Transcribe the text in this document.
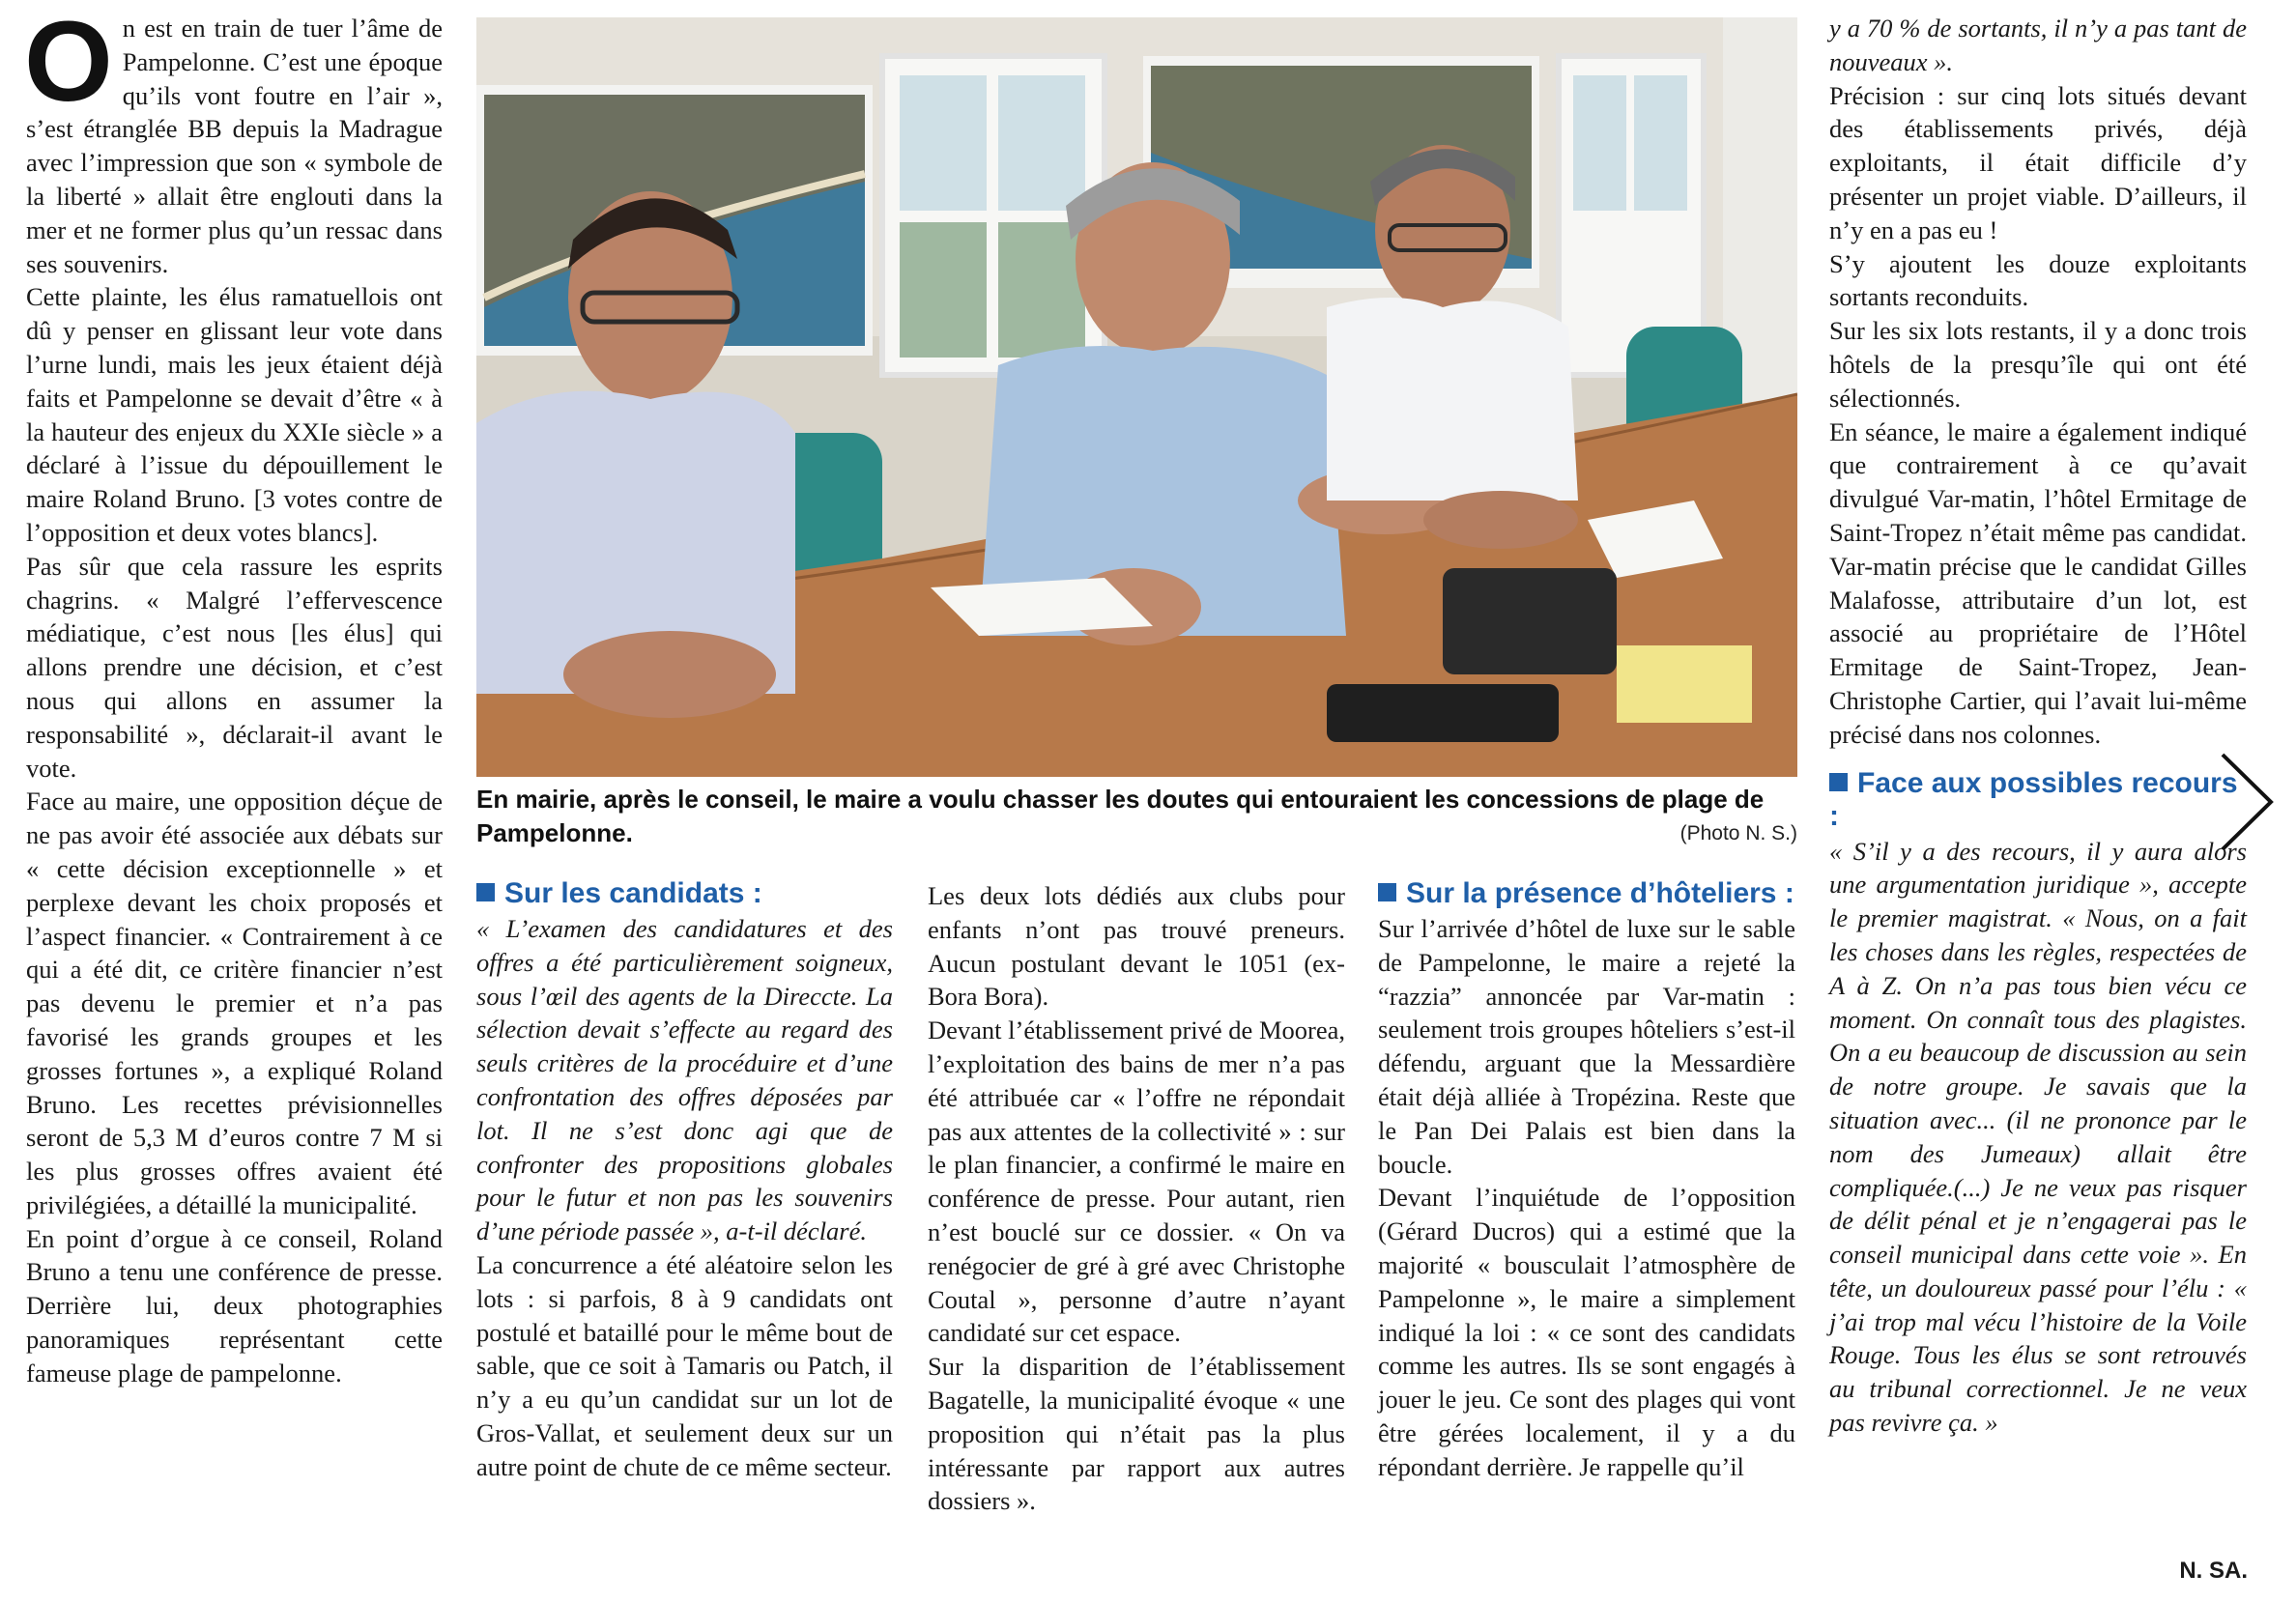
On est en train de tuer l’âme de Pampelonne. C’est une époque qu’ils vont foutre en l’air », s’est étranglée BB depuis la Madrague avec l’impression que son « symbole de la liberté » allait être englouti dans la mer et ne former plus qu’un ressac dans ses souvenirs.

Cette plainte, les élus ramatuellois ont dû y penser en glissant leur vote dans l’urne lundi, mais les jeux étaient déjà faits et Pampelonne se devait d’être « à la hauteur des enjeux du XXIe siècle » a déclaré à l’issue du dépouillement le maire Roland Bruno. [3 votes contre de l’opposition et deux votes blancs].

Pas sûr que cela rassure les esprits chagrins. « Malgré l’effervescence médiatique, c’est nous [les élus] qui allons prendre une décision, et c’est nous qui allons en assumer la responsabilité », déclarait-il avant le vote.

Face au maire, une opposition déçue de ne pas avoir été associée aux débats sur « cette décision exceptionnelle » et perplexe devant les choix proposés et l’aspect financier. « Contrairement à ce qui a été dit, ce critère financier n’est pas devenu le premier et n’a pas favorisé les grands groupes et les grosses fortunes », a expliqué Roland Bruno. Les recettes prévisionnelles seront de 5,3 M d’euros contre 7 M si les plus grosses offres avaient été privilégiées, a détaillé la municipalité.

En point d’orgue à ce conseil, Roland Bruno a tenu une conférence de presse. Derrière lui, deux photographies panoramiques représentant cette fameuse plage de pampelonne.

En mairie, après le conseil, le maire a voulu chasser les doutes qui entouraient les concessions de plage de Pampelonne.	(Photo N. S.)
Sur les candidats :

« L’examen des candidatures et des offres a été particulièrement soigneux, sous l’œil des agents de la Direccte. La sélection devait s’effecte au regard des seuls critères de la procéduire et d’une confrontation des offres déposées par lot. Il ne s’est donc agi que de confronter des propositions globales pour le futur et non pas les souvenirs d’une période passée », a-t-il déclaré.

La concurrence a été aléatoire selon les lots : si parfois, 8 à 9 candidats ont postulé et bataillé pour le même bout de sable, que ce soit à Tamaris ou Patch, il n’y a eu qu’un candidat sur un lot de Gros-Vallat, et seulement deux sur un autre point de chute de ce même secteur.

Les deux lots dédiés aux clubs pour enfants n’ont pas trouvé preneurs. Aucun postulant devant le 1051 (ex-Bora Bora).

Devant l’établissement privé de Moorea, l’exploitation des bains de mer n’a pas été attribuée car « l’offre ne répondait pas aux attentes de la collectivité » : sur le plan financier, a confirmé le maire en conférence de presse. Pour autant, rien n’est bouclé sur ce dossier. « On va renégocier de gré à gré avec Christophe Coutal », personne d’autre n’ayant candidaté sur cet espace.

Sur la disparition de l’établissement Bagatelle, la municipalité évoque « une proposition qui n’était pas la plus intéressante par rapport aux autres dossiers ».

Sur la présence d’hôteliers :

Sur l’arrivée d’hôtel de luxe sur le sable de Pampelonne, le maire a rejeté la “razzia” annoncée par Var-matin : seulement trois groupes hôteliers s’est-il défendu, arguant que la Messardière était déjà alliée à Tropézina. Reste que le Pan Dei Palais est bien dans la boucle.

Devant l’inquiétude de l’opposition (Gérard Ducros) qui a estimé que la majorité « bousculait l’atmosphère de Pampelonne », le maire a simplement indiqué la loi : « ce sont des candidats comme les autres. Ils se sont engagés à jouer le jeu. Ce sont des plages qui vont être gérées localement, il y a du répondant derrière. Je rappelle qu’il

y a 70 % de sortants, il n’y a pas tant de nouveaux ».

Précision : sur cinq lots situés devant des établissements privés, déjà exploitants, il était difficile d’y présenter un projet viable. D’ailleurs, il n’y en a pas eu !

S’y ajoutent les douze exploitants sortants reconduits.

Sur les six lots restants, il y a donc trois hôtels de la presqu’île qui ont été sélectionnés.

En séance, le maire a également indiqué que contrairement à ce qu’avait divulgué Var-matin, l’hôtel Ermitage de Saint-Tropez n’était même pas candidat. Var-matin précise que le candidat Gilles Malafosse, attributaire d’un lot, est associé au propriétaire de l’Hôtel Ermitage de Saint-Tropez, Jean-Christophe Cartier, qui l’avait lui-même précisé dans nos colonnes.

Face aux possibles recours :

« S’il y a des recours, il y aura alors une argumentation juridique », accepte le premier magistrat. « Nous, on a fait les choses dans les règles, respectées de A à Z. On n’a pas tous bien vécu ce moment. On connaît tous des plagistes. On a eu beaucoup de discussion au sein de notre groupe. Je savais que la situation avec... (il ne prononce par le nom des Jumeaux) allait être compliquée.(...) Je ne veux pas risquer de délit pénal et je n’engagerai pas le conseil municipal dans cette voie ». En tête, un douloureux passé pour l’élu : « j’ai trop mal vécu l’histoire de la Voile Rouge. Tous les élus se sont retrouvés au tribunal correctionnel. Je ne veux pas revivre ça. »

N. SA.
